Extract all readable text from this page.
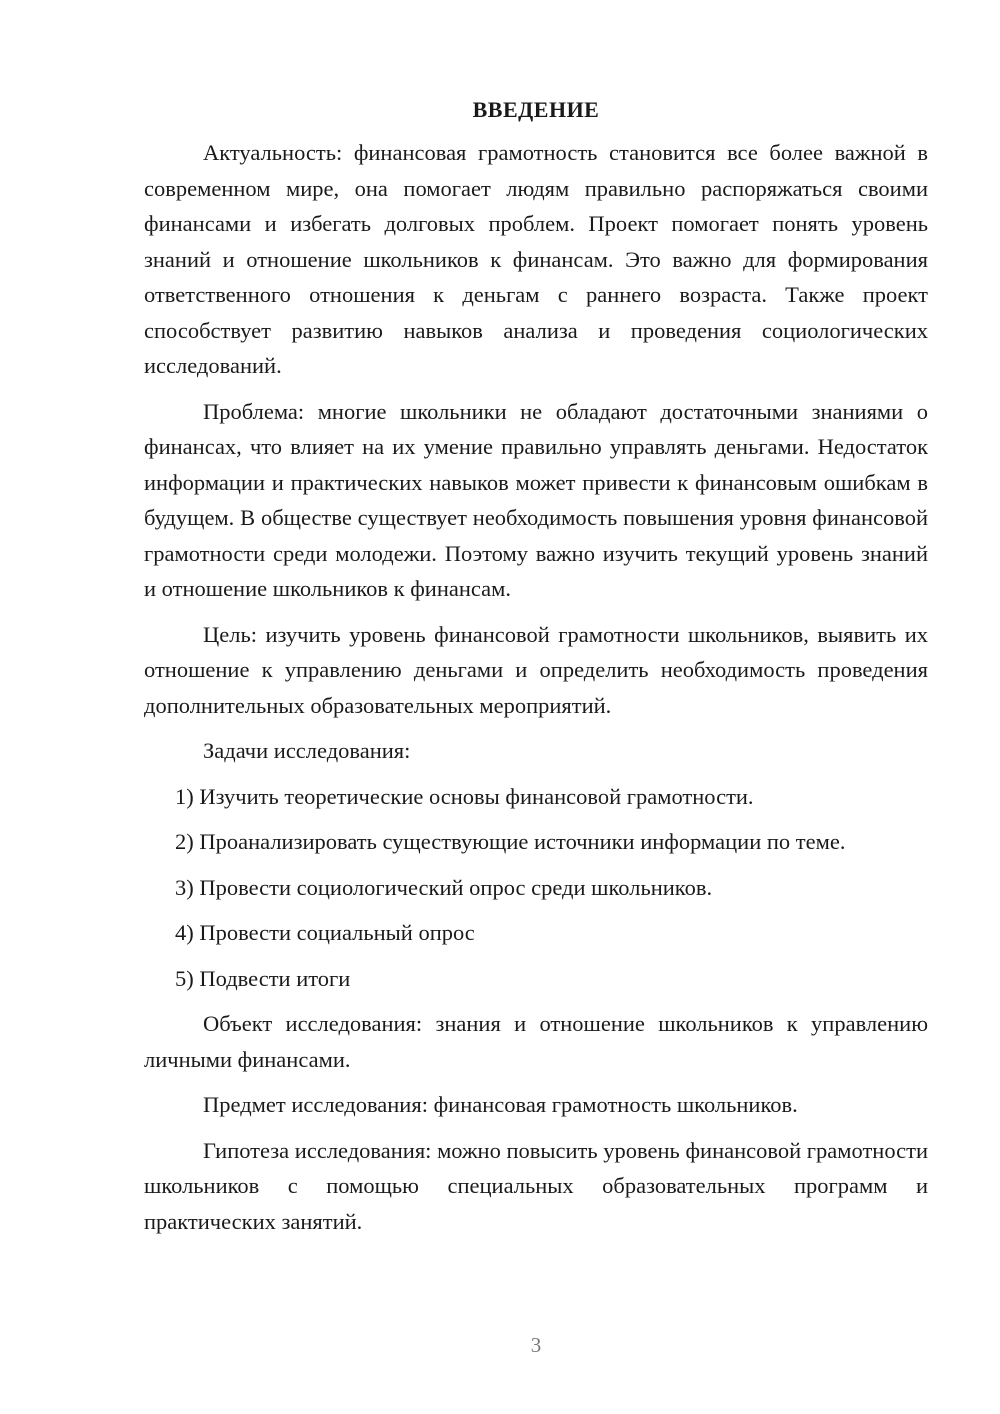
ВВЕДЕНИЕ

Актуальность: финансовая грамотность становится все более важной в современном мире, она помогает людям правильно распоряжаться своими финансами и избегать долговых проблем. Проект помогает понять уровень знаний и отношение школьников к финансам. Это важно для формирования ответственного отношения к деньгам с раннего возраста. Также проект способствует развитию навыков анализа и проведения социологических исследований.

Проблема: многие школьники не обладают достаточными знаниями о финансах, что влияет на их умение правильно управлять деньгами. Недостаток информации и практических навыков может привести к финансовым ошибкам в будущем. В обществе существует необходимость повышения уровня финансовой грамотности среди молодежи. Поэтому важно изучить текущий уровень знаний и отношение школьников к финансам.

Цель: изучить уровень финансовой грамотности школьников, выявить их отношение к управлению деньгами и определить необходимость проведения дополнительных образовательных мероприятий.

Задачи исследования:

1) Изучить теоретические основы финансовой грамотности.
2) Проанализировать существующие источники информации по теме.
3) Провести социологический опрос среди школьников.
4) Провести социальный опрос
5) Подвести итоги

Объект исследования: знания и отношение школьников к управлению личными финансами.

Предмет исследования: финансовая грамотность школьников.

Гипотеза исследования: можно повысить уровень финансовой грамотности школьников с помощью специальных образовательных программ и практических занятий.

3
